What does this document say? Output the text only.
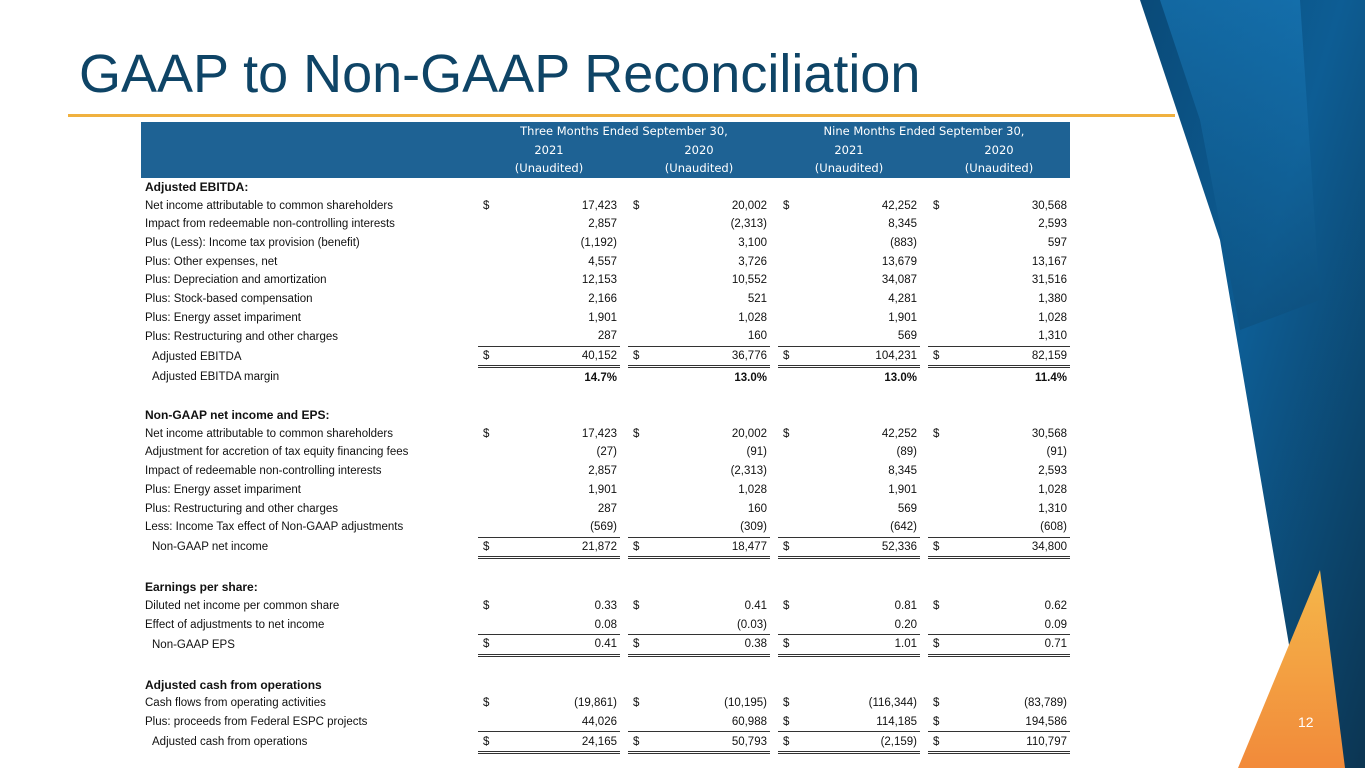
GAAP to Non-GAAP Reconciliation
12
	Three Months Ended September 30,				Nine Months Ended September 30,		
	2021		2020		2021		2020
	(Unaudited)		(Unaudited)		(Unaudited)		(Unaudited)
Adjusted EBITDA:							
Net income attributable to common shareholders	$ 17,423		$ 20,002		$ 42,252		$ 30,568

Impact from redeemable non-controlling interests	2,857		(2,313)		8,345		2,593

Plus (Less): Income tax provision (benefit)	(1,192)		3,100		(883)		597

Plus: Other expenses, net	4,557		3,726		13,679		13,167

Plus: Depreciation and amortization	12,153		10,552		34,087		31,516

Plus: Stock-based compensation	2,166		521		4,281		1,380

Plus: Energy asset impariment	1,901		1,028		1,901		1,028

Plus: Restructuring and other charges	287		160		569		1,310

Adjusted EBITDA	$ 40,152		$ 36,776		$ 104,231		$ 82,159

Adjusted EBITDA margin	14.7%		13.0%		13.0%		11.4%

Non-GAAP net income and EPS:							
Net income attributable to common shareholders	$ 17,423		$ 20,002		$ 42,252		$ 30,568

Adjustment for accretion of tax equity financing fees	(27)		(91)		(89)		(91)

Impact of redeemable non-controlling interests	2,857		(2,313)		8,345		2,593

Plus: Energy asset impariment	1,901		1,028		1,901		1,028

Plus: Restructuring and other charges	287		160		569		1,310

Less: Income Tax effect of Non-GAAP adjustments	(569)		(309)		(642)		(608)

Non-GAAP net income	$ 21,872		$ 18,477		$ 52,336		$ 34,800

Earnings per share:							
Diluted net income per common share	$ 0.33		$ 0.41		$ 0.81		$ 0.62

Effect of adjustments to net income	0.08		(0.03)		0.20		0.09

Non-GAAP EPS	$ 0.41		$ 0.38		$ 1.01		$ 0.71

Adjusted cash from operations							
Cash flows from operating activities	$ (19,861)		$ (10,195)		$ (116,344)		$ (83,789)

Plus: proceeds from Federal ESPC projects	44,026		60,988		$ 114,185		$ 194,586

Adjusted cash from operations	$ 24,165		$ 50,793		$ (2,159)		$ 110,797
